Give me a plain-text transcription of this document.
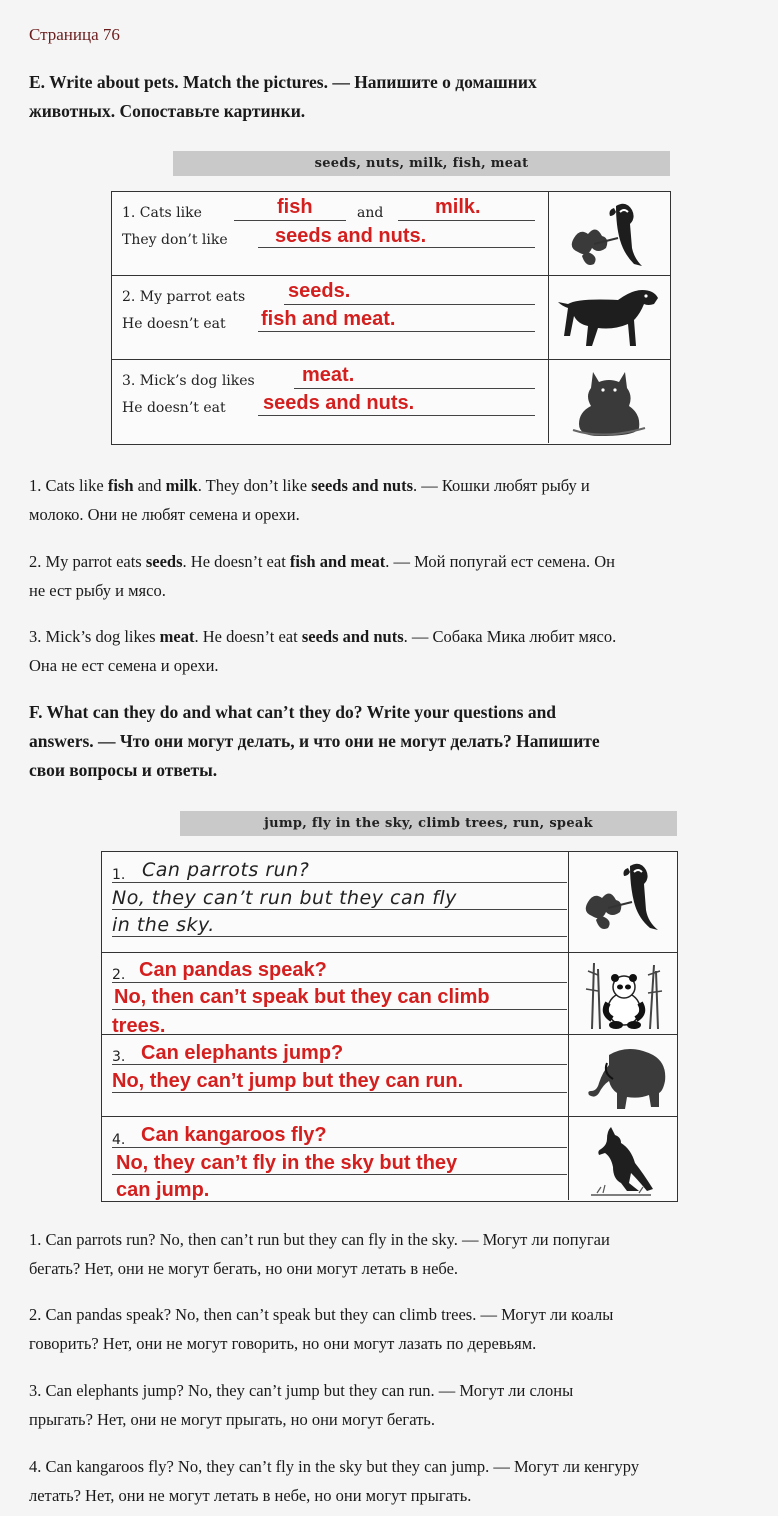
Страница 76
E. Write about pets. Match the pictures. — Напишите о домашних
животных. Сопоставьте картинки.
seeds, nuts, milk, fish, meat
1. Cats like	fish	and	milk.
They don’t like seeds and nuts.
2. My parrot eats seeds.
He doesn’t eat fish and meat.
3. Mick’s dog likes meat.
He doesn’t eat seeds and nuts.
1. Cats like fish and milk. They don’t like seeds and nuts. — Кошки любят рыбу и
молоко. Они не любят семена и орехи.
2. My parrot eats seeds. He doesn’t eat fish and meat. — Мой попугай ест семена. Он
не ест рыбу и мясо.
3. Mick’s dog likes meat. He doesn’t eat seeds and nuts. — Собака Мика любит мясо.
Она не ест семена и орехи.
F. What can they do and what can’t they do? Write your questions and
answers. — Что они могут делать, и что они не могут делать? Напишите
свои вопросы и ответы.
jump, fly in the sky, climb trees, run, speak
1. Can parrots run?
No, they can’t run but they can fly
in the sky.
2. Can pandas speak?
No, then can’t speak but they can climb
trees.
3. Can elephants jump?
No, they can’t jump but they can run.
4. Can kangaroos fly?
No, they can’t fly in the sky but they
can jump.
1. Can parrots run? No, then can’t run but they can fly in the sky. — Могут ли попугаи
бегать? Нет, они не могут бегать, но они могут летать в небе.
2. Can pandas speak? No, then can’t speak but they can climb trees. — Могут ли коалы
говорить? Нет, они не могут говорить, но они могут лазать по деревьям.
3. Can elephants jump? No, they can’t jump but they can run. — Могут ли слоны
прыгать? Нет, они не могут прыгать, но они могут бегать.
4. Can kangaroos fly? No, they can’t fly in the sky but they can jump. — Могут ли кенгуру
летать? Нет, они не могут летать в небе, но они могут прыгать.
